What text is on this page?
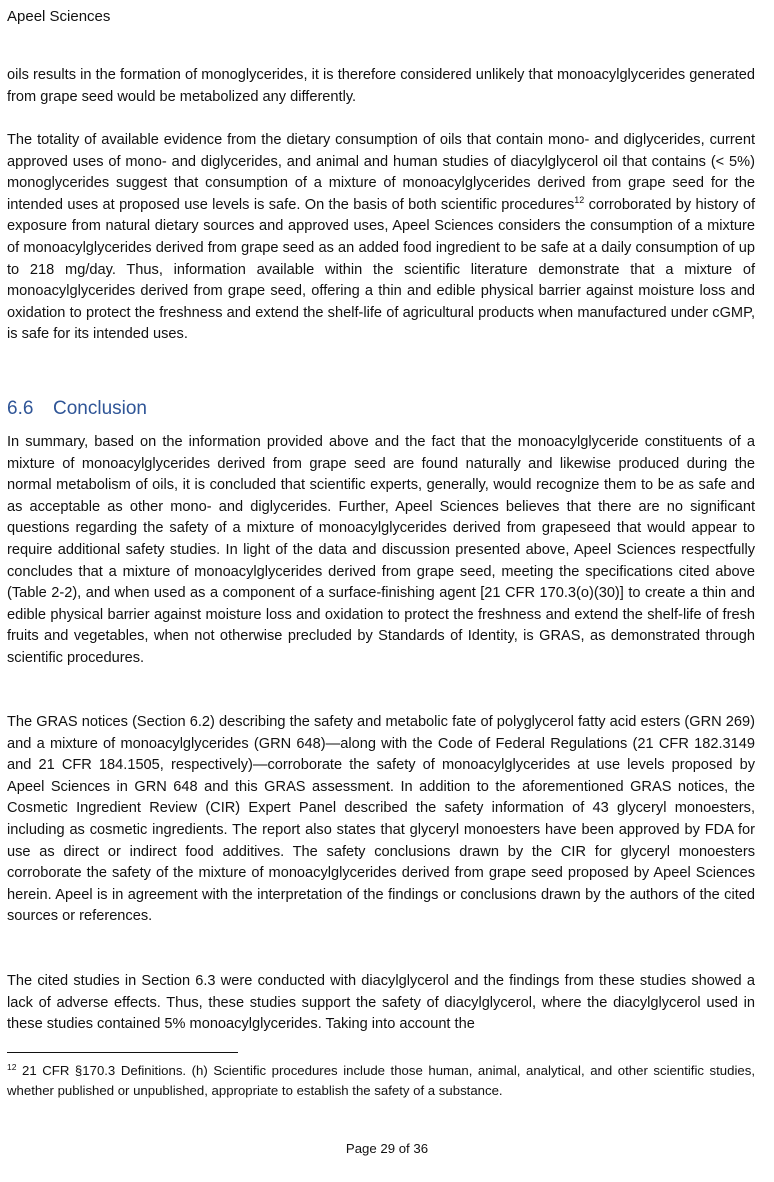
Apeel Sciences

oils results in the formation of monoglycerides, it is therefore considered unlikely that monoacylglycerides generated from grape seed would be metabolized any differently.

The totality of available evidence from the dietary consumption of oils that contain mono- and diglycerides, current approved uses of mono- and diglycerides, and animal and human studies of diacylglycerol oil that contains (< 5%) monoglycerides suggest that consumption of a mixture of monoacylglycerides derived from grape seed for the intended uses at proposed use levels is safe. On the basis of both scientific procedures$^{12}$ corroborated by history of exposure from natural dietary sources and approved uses, Apeel Sciences considers the consumption of a mixture of monoacylglycerides derived from grape seed as an added food ingredient to be safe at a daily consumption of up to 218 mg/day. Thus, information available within the scientific literature demonstrate that a mixture of monoacylglycerides derived from grape seed, offering a thin and edible physical barrier against moisture loss and oxidation to protect the freshness and extend the shelf-life of agricultural products when manufactured under cGMP, is safe for its intended uses.

6.6 Conclusion

In summary, based on the information provided above and the fact that the monoacylglyceride constituents of a mixture of monoacylglycerides derived from grape seed are found naturally and likewise produced during the normal metabolism of oils, it is concluded that scientific experts, generally, would recognize them to be as safe and as acceptable as other mono- and diglycerides. Further, Apeel Sciences believes that there are no significant questions regarding the safety of a mixture of monoacylglycerides derived from grapeseed that would appear to require additional safety studies. In light of the data and discussion presented above, Apeel Sciences respectfully concludes that a mixture of monoacylglycerides derived from grape seed, meeting the specifications cited above (Table 2-2), and when used as a component of a surface-finishing agent [21 CFR 170.3(o)(30)] to create a thin and edible physical barrier against moisture loss and oxidation to protect the freshness and extend the shelf-life of fresh fruits and vegetables, when not otherwise precluded by Standards of Identity, is GRAS, as demonstrated through scientific procedures.

The GRAS notices (Section 6.2) describing the safety and metabolic fate of polyglycerol fatty acid esters (GRN 269) and a mixture of monoacylglycerides (GRN 648)—along with the Code of Federal Regulations (21 CFR 182.3149 and 21 CFR 184.1505, respectively)—corroborate the safety of monoacylglycerides at use levels proposed by Apeel Sciences in GRN 648 and this GRAS assessment. In addition to the aforementioned GRAS notices, the Cosmetic Ingredient Review (CIR) Expert Panel described the safety information of 43 glyceryl monoesters, including as cosmetic ingredients. The report also states that glyceryl monoesters have been approved by FDA for use as direct or indirect food additives. The safety conclusions drawn by the CIR for glyceryl monoesters corroborate the safety of the mixture of monoacylglycerides derived from grape seed proposed by Apeel Sciences herein. Apeel is in agreement with the interpretation of the findings or conclusions drawn by the authors of the cited sources or references.

The cited studies in Section 6.3 were conducted with diacylglycerol and the findings from these studies showed a lack of adverse effects. Thus, these studies support the safety of diacylglycerol, where the diacylglycerol used in these studies contained 5% monoacylglycerides. Taking into account the

$^{12}$ 21 CFR §170.3 Definitions. (h) Scientific procedures include those human, animal, analytical, and other scientific studies, whether published or unpublished, appropriate to establish the safety of a substance.

Page 29 of 36
